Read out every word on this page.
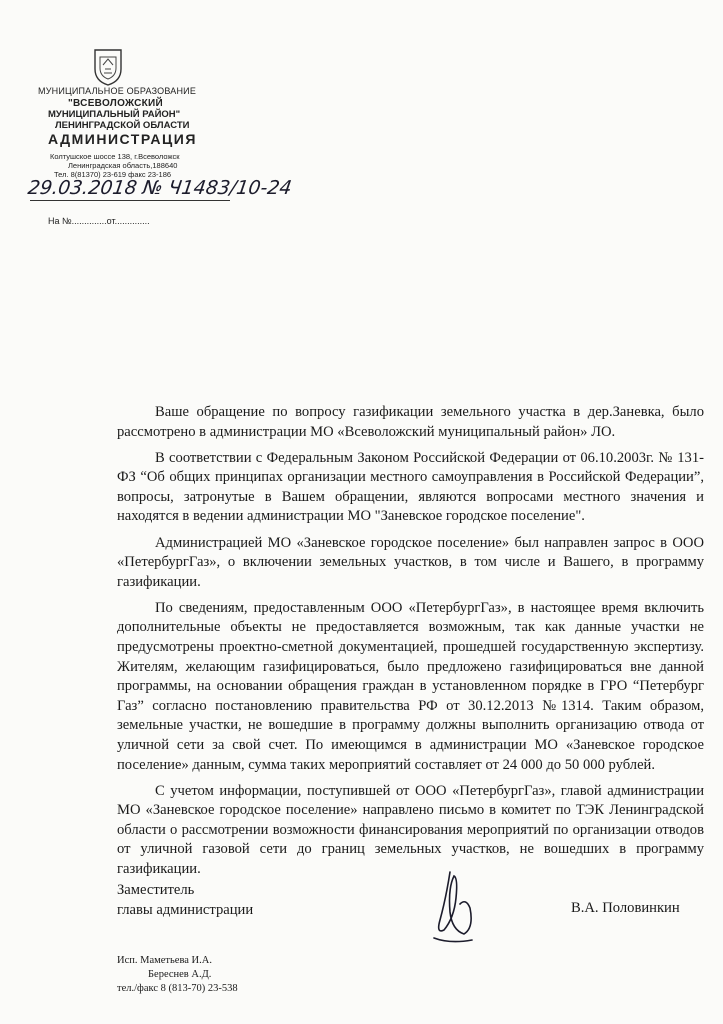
МУНИЦИПАЛЬНОЕ ОБРАЗОВАНИЕ
"ВСЕВОЛОЖСКИЙ
МУНИЦИПАЛЬНЫЙ РАЙОН"
ЛЕНИНГРАДСКОЙ ОБЛАСТИ
АДМИНИСТРАЦИЯ
Колтушское шоссе 138, г.Всеволожск
Ленинградская область,188640
Тел. 8(81370) 23-619 факс 23-186
29.03.2018 № Ч1483/10-24
На №..............от..............

Ваше обращение по вопросу газификации земельного участка в дер.Заневка, было рассмотрено в администрации МО «Всеволожский муниципальный район» ЛО.

В соответствии с Федеральным Законом Российской Федерации от 06.10.2003г. № 131-ФЗ “Об общих принципах организации местного самоуправления в Российской Федерации”, вопросы, затронутые в Вашем обращении, являются вопросами местного значения и находятся в ведении администрации МО "Заневское городское поселение".

Администрацией МО «Заневское городское поселение» был направлен запрос в ООО «ПетербургГаз», о включении земельных участков, в том числе и Вашего, в программу газификации.

По сведениям, предоставленным ООО «ПетербургГаз», в настоящее время включить дополнительные объекты не предоставляется возможным, так как данные участки не предусмотрены проектно-сметной документацией, прошедшей государственную экспертизу. Жителям, желающим газифицироваться, было предложено газифицироваться вне данной программы, на основании обращения граждан в установленном порядке в ГРО “Петербург Газ” согласно постановлению правительства РФ от 30.12.2013 №1314. Таким образом, земельные участки, не вошедшие в программу должны выполнить организацию отвода от уличной сети за свой счет. По имеющимся в администрации МО «Заневское городское поселение» данным, сумма таких мероприятий составляет от 24 000 до 50 000 рублей.

С учетом информации, поступившей от ООО «ПетербургГаз», главой администрации МО «Заневское городское поселение» направлено письмо в комитет по ТЭК Ленинградской области о рассмотрении возможности финансирования мероприятий по организации отводов от уличной газовой сети до границ земельных участков, не вошедших в программу газификации.

Заместитель
главы администрации	В.А. Половинкин
Исп. Маметьева И.А.
Береснев А.Д.
тел./факс 8 (813-70) 23-538
